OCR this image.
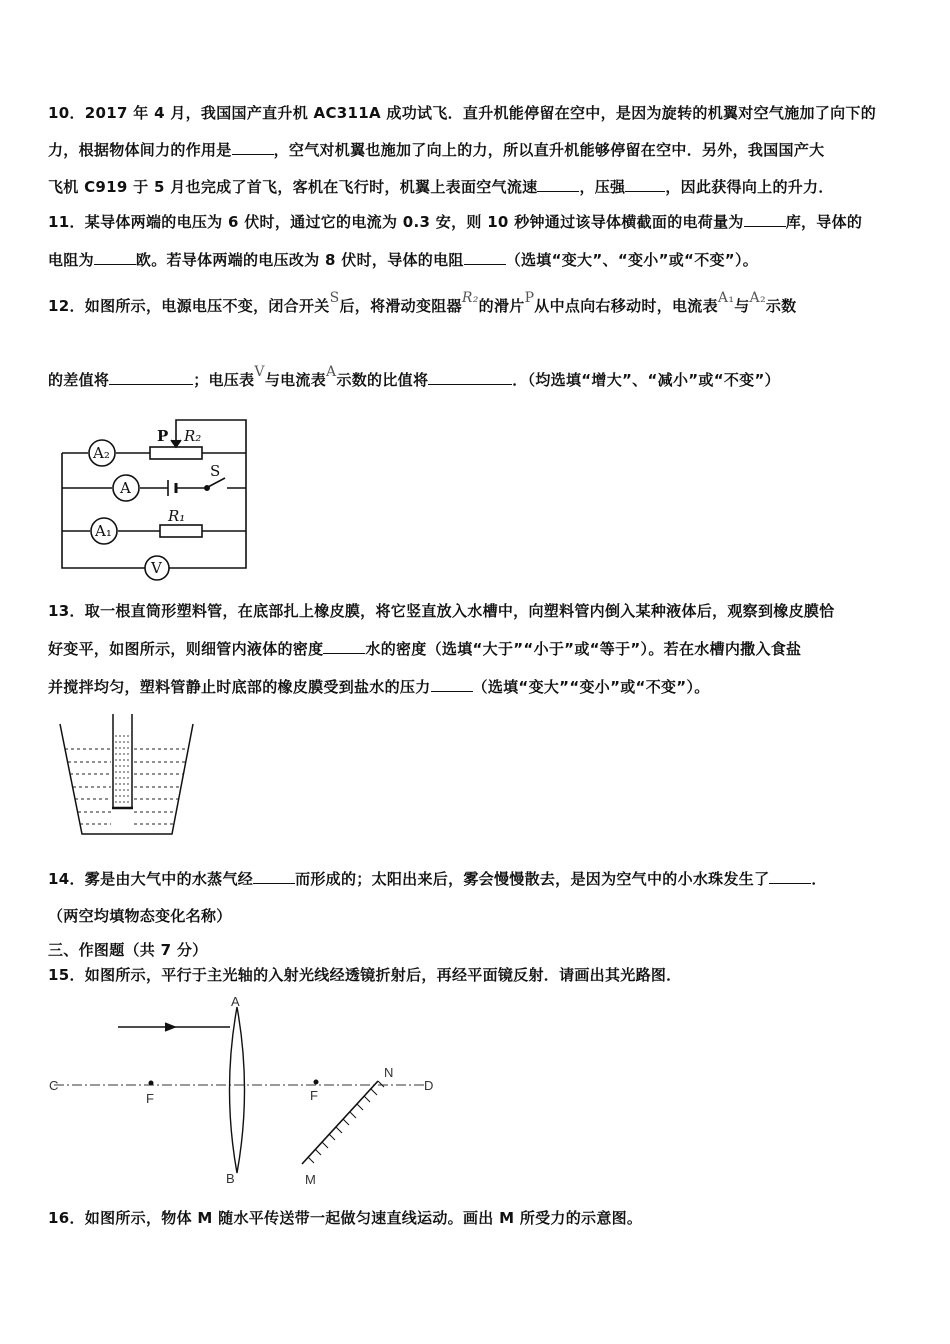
10．2017 年 4 月，我国国产直升机 AC311A 成功试飞．直升机能停留在空中，是因为旋转的机翼对空气施加了向下的
力，根据物体间力的作用是	，空气对机翼也施加了向上的力，所以直升机能够停留在空中．另外，我国国产大
飞机 C919 于 5 月也完成了首飞，客机在飞行时，机翼上表面空气流速	，压强	，因此获得向上的升力．
11．某导体两端的电压为 6 伏时，通过它的电流为 0.3 安，则 10 秒钟通过该导体横截面的电荷量为	库，导体的
电阻为	欧。若导体两端的电压改为 8 伏时，导体的电阻	（选填“变大”、“变小”或“不变”）。
12．如图所示，电源电压不变，闭合开关S后，将滑动变阻器R₂的滑片P从中点向右移动时，电流表A₁与A₂示数
的差值将	；电压表V与电流表A示数的比值将	．（均选填“增大”、“减小”或“不变”）
A₂
A
A₁
V
P R₂
S
R₁
13．取一根直筒形塑料管，在底部扎上橡皮膜，将它竖直放入水槽中，向塑料管内倒入某种液体后，观察到橡皮膜恰
好变平，如图所示，则细管内液体的密度	水的密度（选填“大于”“小于”或“等于”）。若在水槽内撒入食盐
并搅拌均匀，塑料管静止时底部的橡皮膜受到盐水的压力	（选填“变大”“变小”或“不变”）。
14．雾是由大气中的水蒸气经	而形成的；太阳出来后，雾会慢慢散去，是因为空气中的小水珠发生了	．
（两空均填物态变化名称）
三、作图题（共 7 分）
15．如图所示，平行于主光轴的入射光线经透镜折射后，再经平面镜反射．请画出其光路图．
A
B
C	D
F	F
N
M
16．如图所示，物体 M 随水平传送带一起做匀速直线运动。画出 M 所受力的示意图。
